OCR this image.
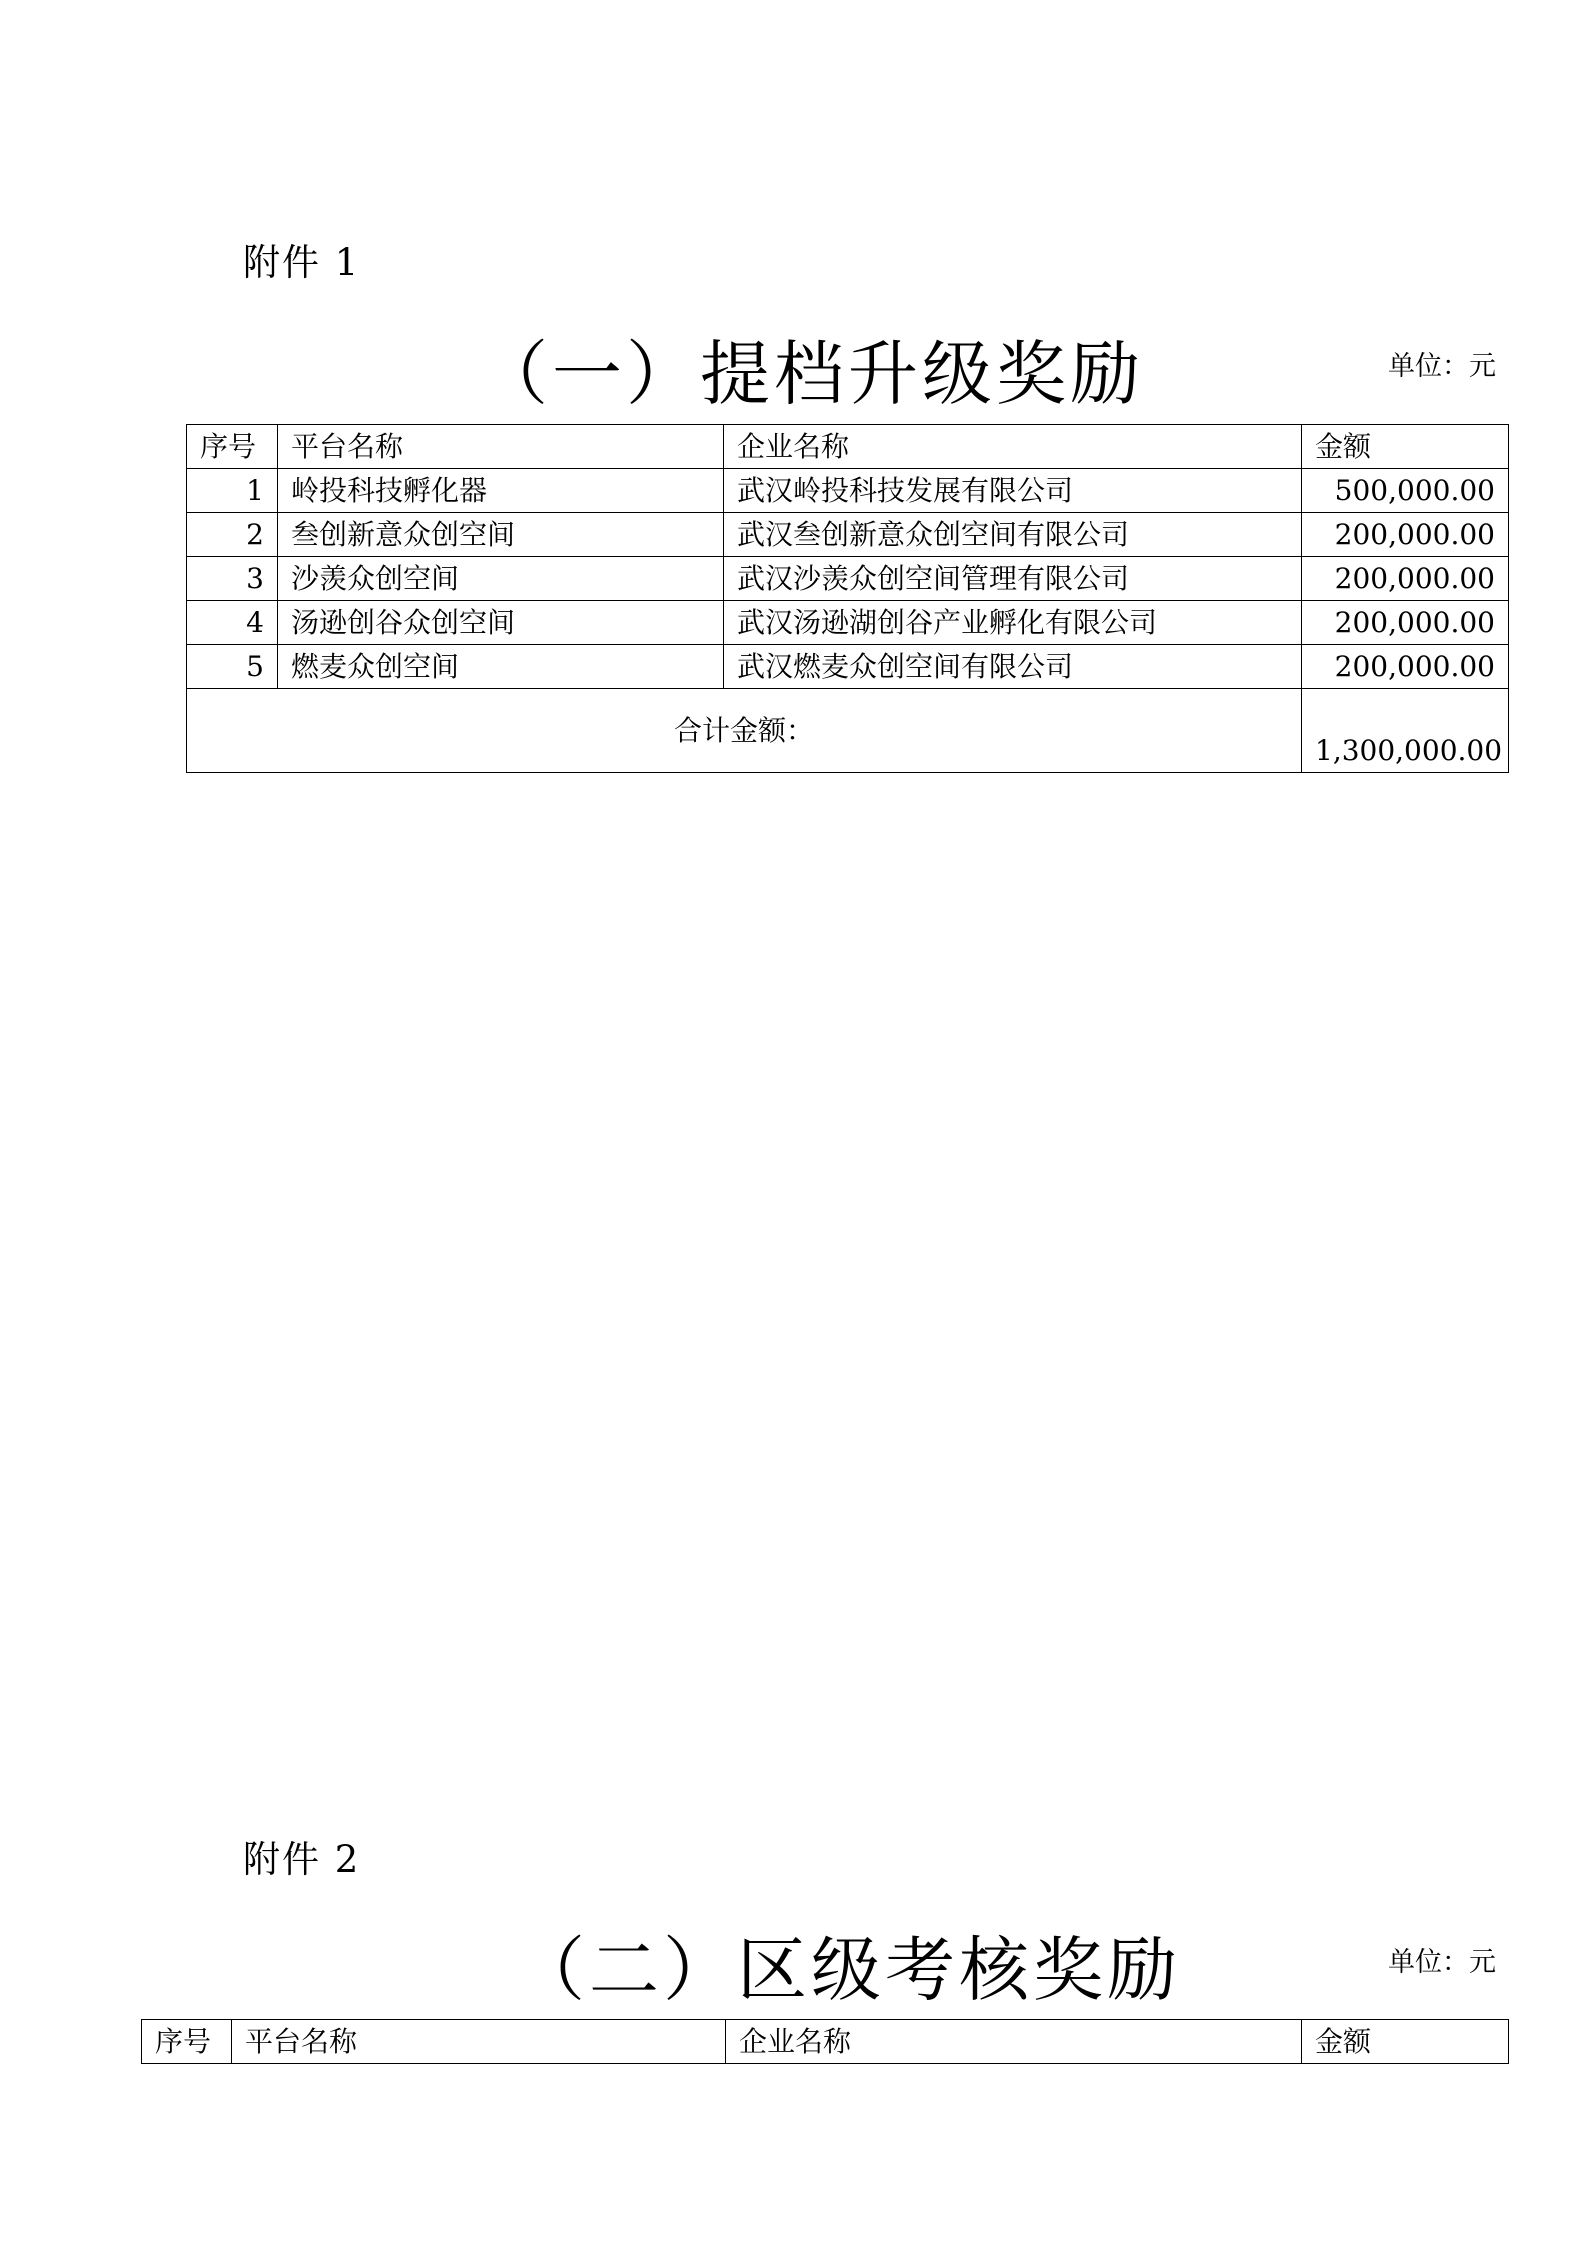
附件 1
（一）提档升级奖励	单位：元
序号	平台名称	企业名称	金额
1	岭投科技孵化器	武汉岭投科技发展有限公司	500,000.00
2	叁创新意众创空间	武汉叁创新意众创空间有限公司	200,000.00
3	沙羡众创空间	武汉沙羡众创空间管理有限公司	200,000.00
4	汤逊创谷众创空间	武汉汤逊湖创谷产业孵化有限公司	200,000.00
5	燃麦众创空间	武汉燃麦众创空间有限公司	200,000.00
合计金额：			1,300,000.00
附件 2
（二）区级考核奖励	单位：元
序号	平台名称	企业名称	金额
